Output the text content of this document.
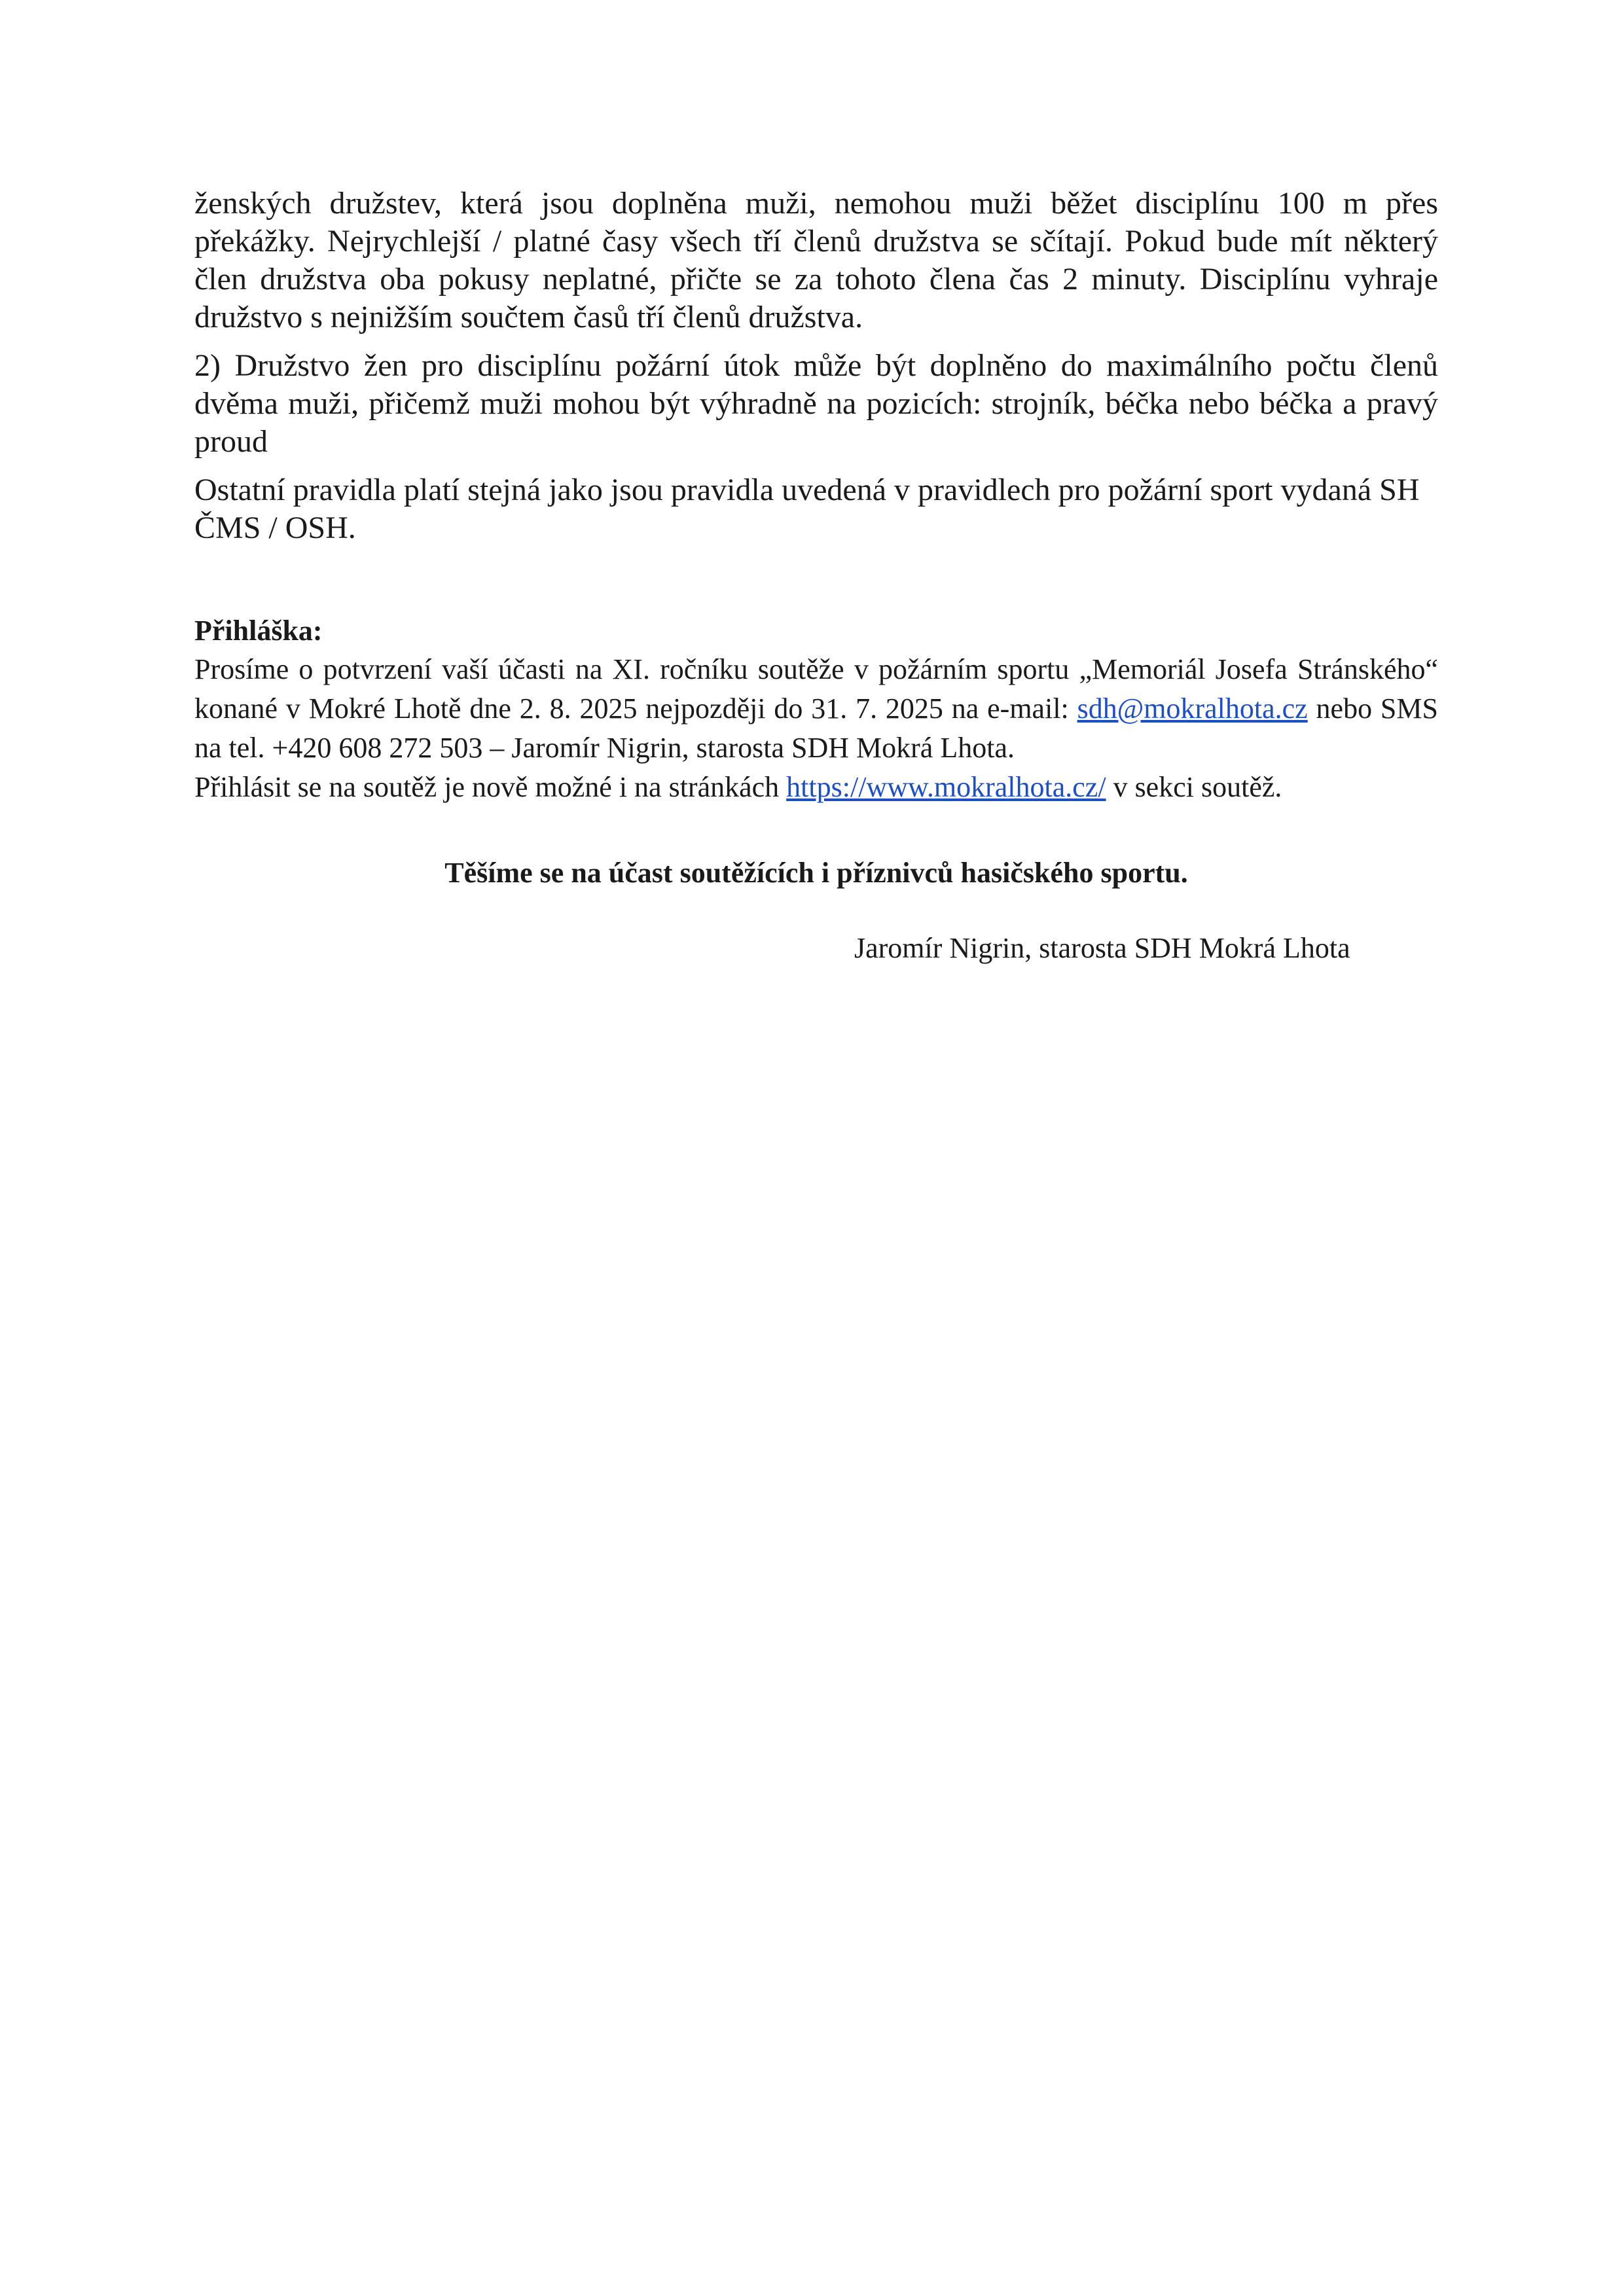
ženských družstev, která jsou doplněna muži, nemohou muži běžet disciplínu 100 m přes překážky. Nejrychlejší / platné časy všech tří členů družstva se sčítají. Pokud bude mít některý člen družstva oba pokusy neplatné, přičte se za tohoto člena čas 2 minuty. Disciplínu vyhraje družstvo s nejnižším součtem časů tří členů družstva.

2) Družstvo žen pro disciplínu požární útok může být doplněno do maximálního počtu členů dvěma muži, přičemž muži mohou být výhradně na pozicích: strojník, béčka nebo béčka a pravý proud

Ostatní pravidla platí stejná jako jsou pravidla uvedená v pravidlech pro požární sport vydaná SH ČMS / OSH.

Přihláška:

Prosíme o potvrzení vaší účasti na XI. ročníku soutěže v požárním sportu „Memoriál Josefa Stránského“ konané v Mokré Lhotě dne 2. 8. 2025 nejpozději do 31. 7. 2025 na e-mail: sdh@mokralhota.cz nebo SMS na tel. +420 608 272 503 – Jaromír Nigrin, starosta SDH Mokrá Lhota.

Přihlásit se na soutěž je nově možné i na stránkách https://www.mokralhota.cz/ v sekci soutěž.

Těšíme se na účast soutěžících i příznivců hasičského sportu.

Jaromír Nigrin, starosta SDH Mokrá Lhota
